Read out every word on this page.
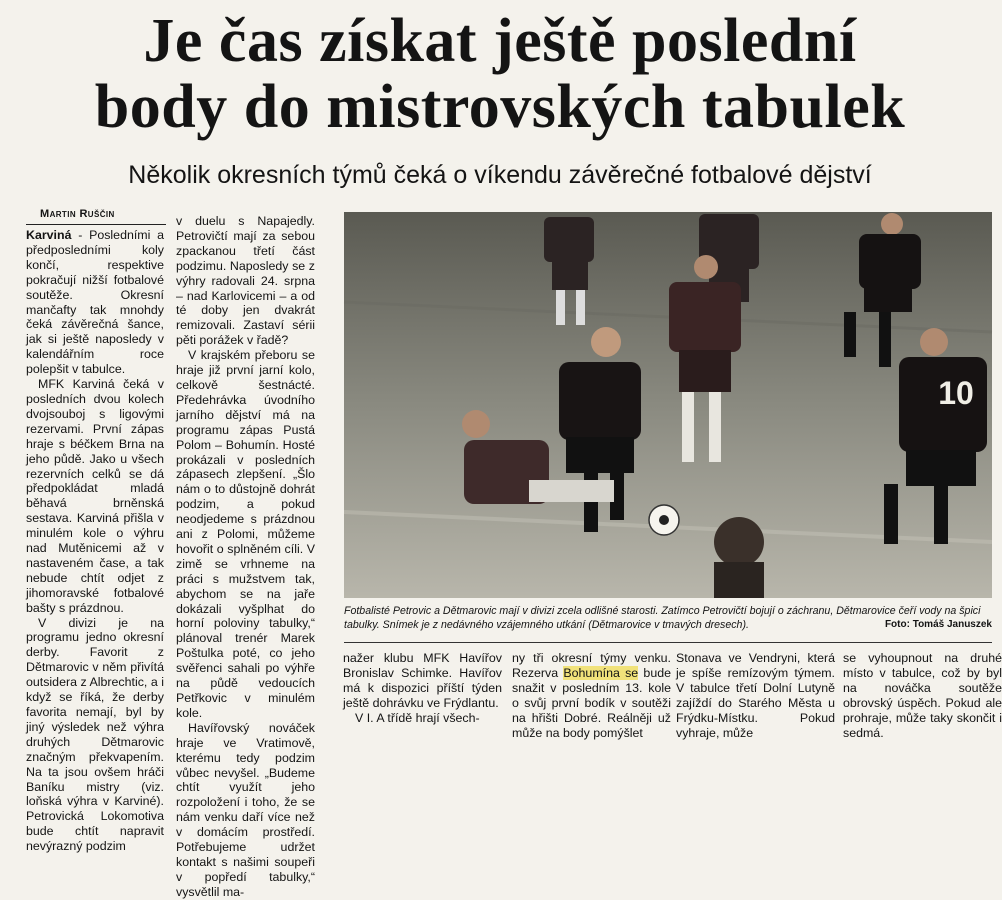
Je čas získat ještě poslední
body do mistrovských tabulek
Několik okresních týmů čeká o víkendu závěrečné fotbalové dějství
Martin Ruščin

Karviná - Posledními a předposledními koly končí, respektive pokračují nižší fotbalové soutěže. Okresní mančafty tak mnohdy čeká závěrečná šance, jak si ještě naposledy v kalendářním roce polepšit v tabulce.

MFK Karviná čeká v posledních dvou kolech dvojsouboj s ligovými rezervami. První zápas hraje s béčkem Brna na jeho půdě. Jako u všech rezervních celků se dá předpokládat mladá běhavá brněnská sestava. Karviná přišla v minulém kole o výhru nad Mutěnicemi až v nastaveném čase, a tak nebude chtít odjet z jihomoravské fotbalové bašty s prázdnou.

V divizi je na programu jedno okresní derby. Favorit z Dětmarovic v něm přivítá outsidera z Albrechtic, a i když se říká, že derby favorita nemají, byl by jiný výsledek než výhra druhých Dětmarovic značným překvapením. Na ta jsou ovšem hráči Baníku mistry (viz. loňská výhra v Karviné). Petrovická Lokomotiva bude chtít napravit nevýrazný podzim

v duelu s Napajedly. Petrovičtí mají za sebou zpackanou třetí část podzimu. Naposledy se z výhry radovali 24. srpna – nad Karlovicemi – a od té doby jen dvakrát remizovali. Zastaví sérii pěti porážek v řadě?

V krajském přeboru se hraje již první jarní kolo, celkově šestnácté. Předehrávka úvodního jarního dějství má na programu zápas Pustá Polom – Bohumín. Hosté prokázali v posledních zápasech zlepšení. „Šlo nám o to důstojně dohrát podzim, a pokud neodjedeme s prázdnou ani z Polomi, můžeme hovořit o splněném cíli. V zimě se vrhneme na práci s mužstvem tak, abychom se na jaře dokázali vyšplhat do horní poloviny tabulky,“ plánoval trenér Marek Poštulka poté, co jeho svěřenci sahali po výhře na půdě vedoucích Petřkovic v minulém kole.

Havířovský nováček hraje ve Vratimově, kterému tedy podzim vůbec nevyšel. „Budeme chtít využít jeho rozpoložení i toho, že se nám venku daří více než v domácím prostředí. Potřebujeme udržet kontakt s našimi soupeři v popředí tabulky,“ vysvětlil ma-

10
Fotbalisté Petrovic a Dětmarovic mají v divizi zcela odlišné starosti. Zatímco Petrovičtí bojují o záchranu, Dětmarovice čeří vody na špici tabulky. Snímek je z nedávného vzájemného utkání (Dětmarovice v tmavých dresech).	Foto: Tomáš Januszek

nažer klubu MFK Havířov Bronislav Schimke. Havířov má k dispozici příští týden ještě dohrávku ve Frýdlantu.

V I. A třídě hrají všech-

ny tři okresní týmy venku. Rezerva Bohumína se bude snažit v posledním 13. kole o svůj první bodík v soutěži na hřišti Dobré. Reálněji už může na body pomýšlet

Stonava ve Vendryni, která je spíše remízovým týmem. V tabulce třetí Dolní Lutyně zajíždí do Starého Města u Frýdku-Místku. Pokud vyhraje, může

se vyhoupnout na druhé místo v tabulce, což by byl na nováčka soutěže obrovský úspěch. Pokud ale prohraje, může taky skončit i sedmá.
